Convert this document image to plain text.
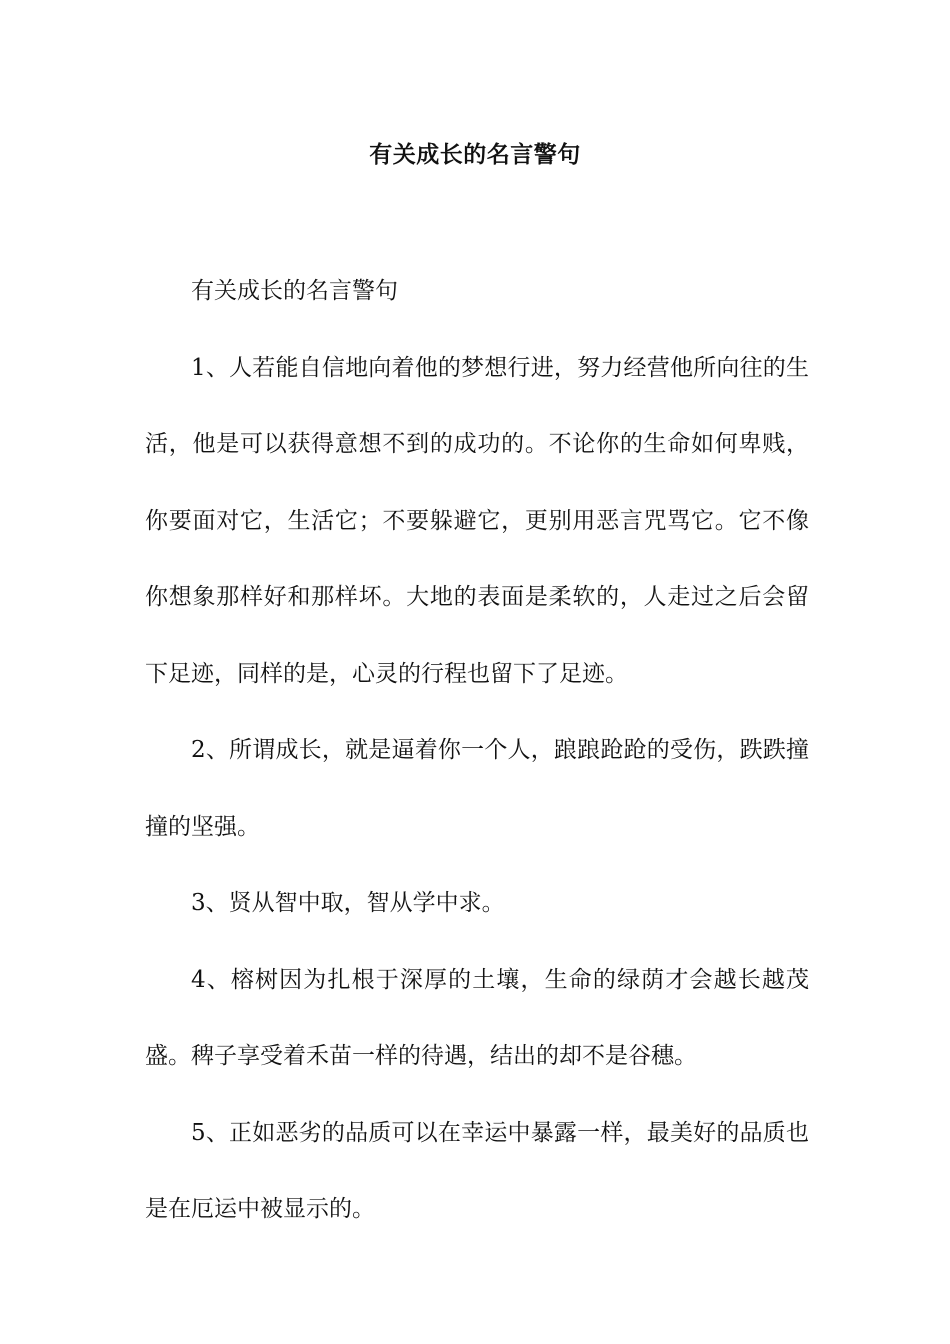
有关成长的名言警句

有关成长的名言警句

1、人若能自信地向着他的梦想行进，努力经营他所向往的生活，他是可以获得意想不到的成功的。不论你的生命如何卑贱，你要面对它，生活它；不要躲避它，更别用恶言咒骂它。它不像你想象那样好和那样坏。大地的表面是柔软的，人走过之后会留下足迹，同样的是，心灵的行程也留下了足迹。

2、所谓成长，就是逼着你一个人，踉踉跄跄的受伤，跌跌撞撞的坚强。

3、贤从智中取，智从学中求。

4、榕树因为扎根于深厚的土壤，生命的绿荫才会越长越茂盛。稗子享受着禾苗一样的待遇，结出的却不是谷穗。

5、正如恶劣的品质可以在幸运中暴露一样，最美好的品质也是在厄运中被显示的。
